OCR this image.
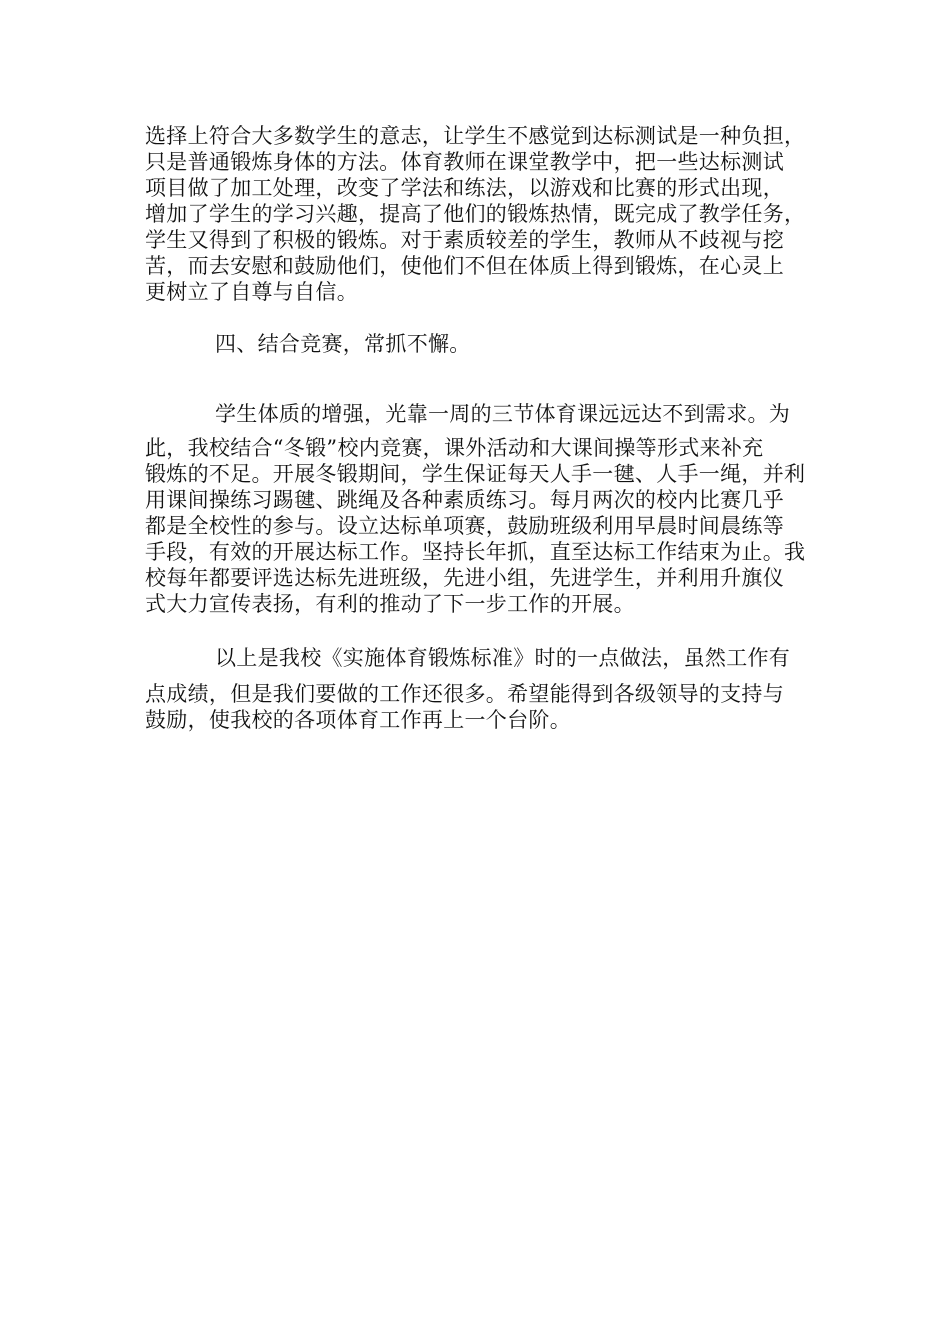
选择上符合大多数学生的意志，让学生不感觉到达标测试是一种负担，
只是普通锻炼身体的方法。体育教师在课堂教学中，把一些达标测试
项目做了加工处理，改变了学法和练法，以游戏和比赛的形式出现，
增加了学生的学习兴趣，提高了他们的锻炼热情，既完成了教学任务，
学生又得到了积极的锻炼。对于素质较差的学生，教师从不歧视与挖
苦，而去安慰和鼓励他们，使他们不但在体质上得到锻炼，在心灵上
更树立了自尊与自信。
四、结合竞赛，常抓不懈。
学生体质的增强，光靠一周的三节体育课远远达不到需求。为
此，我校结合“冬锻”校内竞赛，课外活动和大课间操等形式来补充
锻炼的不足。开展冬锻期间，学生保证每天人手一毽、人手一绳，并利
用课间操练习踢毽、跳绳及各种素质练习。每月两次的校内比赛几乎
都是全校性的参与。设立达标单项赛，鼓励班级利用早晨时间晨练等
手段，有效的开展达标工作。坚持长年抓，直至达标工作结束为止。我
校每年都要评选达标先进班级，先进小组，先进学生，并利用升旗仪
式大力宣传表扬，有利的推动了下一步工作的开展。
以上是我校《实施体育锻炼标准》时的一点做法，虽然工作有
点成绩，但是我们要做的工作还很多。希望能得到各级领导的支持与
鼓励，使我校的各项体育工作再上一个台阶。
